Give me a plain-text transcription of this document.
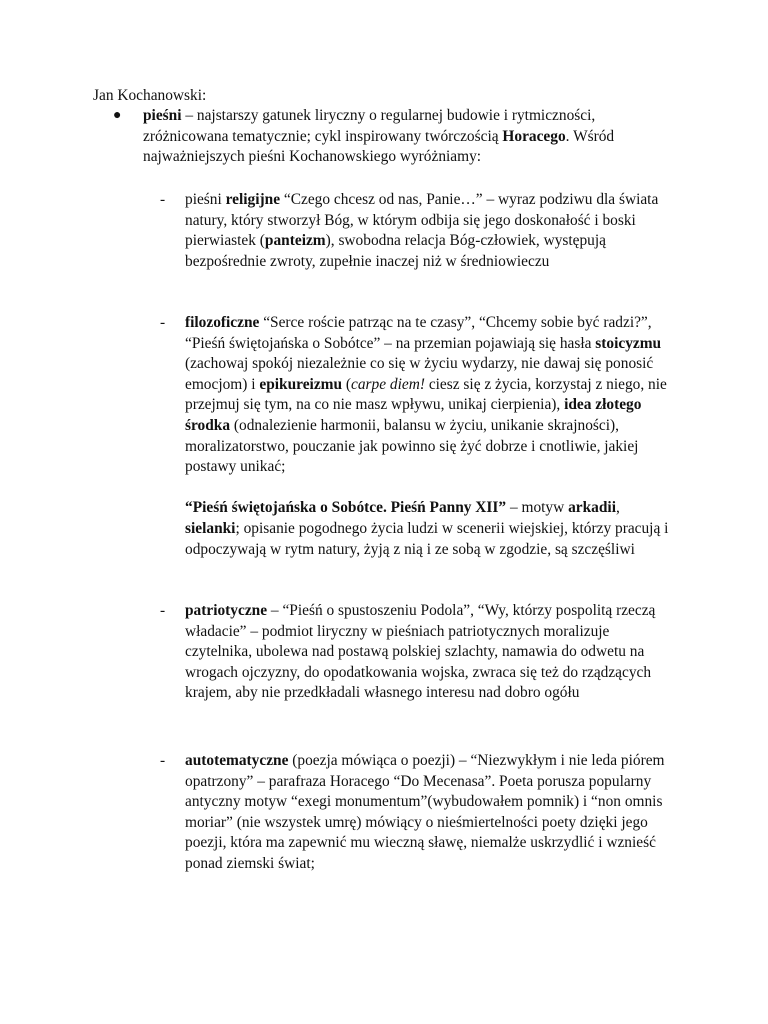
Jan Kochanowski:
●	pieśni – najstarszy gatunek liryczny o regularnej budowie i rytmiczności, zróżnicowana tematycznie; cykl inspirowany twórczością Horacego. Wśród najważniejszych pieśni Kochanowskiego wyróżniamy:
-	pieśni religijne “Czego chcesz od nas, Panie…” – wyraz podziwu dla świata natury, który stworzył Bóg, w którym odbija się jego doskonałość i boski pierwiastek (panteizm), swobodna relacja Bóg-człowiek, występują bezpośrednie zwroty, zupełnie inaczej niż w średniowieczu
-	filozoficzne “Serce roście patrząc na te czasy”, “Chcemy sobie być radzi?”, “Pieśń świętojańska o Sobótce” – na przemian pojawiają się hasła stoicyzmu (zachowaj spokój niezależnie co się w życiu wydarzy, nie dawaj się ponosić emocjom) i epikureizmu (carpe diem! ciesz się z życia, korzystaj z niego, nie przejmuj się tym, na co nie masz wpływu, unikaj cierpienia), idea złotego środka (odnalezienie harmonii, balansu w życiu, unikanie skrajności), moralizatorstwo, pouczanie jak powinno się żyć dobrze i cnotliwie, jakiej postawy unikać;

“Pieśń świętojańska o Sobótce. Pieśń Panny XII” – motyw arkadii, sielanki; opisanie pogodnego życia ludzi w scenerii wiejskiej, którzy pracują i odpoczywają w rytm natury, żyją z nią i ze sobą w zgodzie, są szczęśliwi

-	patriotyczne – “Pieśń o spustoszeniu Podola”, “Wy, którzy pospolitą rzeczą władacie” – podmiot liryczny w pieśniach patriotycznych moralizuje czytelnika, ubolewa nad postawą polskiej szlachty, namawia do odwetu na wrogach ojczyzny, do opodatkowania wojska, zwraca się też do rządzących krajem, aby nie przedkładali własnego interesu nad dobro ogółu
-	autotematyczne (poezja mówiąca o poezji) – “Niezwykłym i nie leda piórem opatrzony” – parafraza Horacego “Do Mecenasa”. Poeta porusza popularny antyczny motyw “exegi monumentum”(wybudowałem pomnik) i “non omnis moriar” (nie wszystek umrę) mówiący o nieśmiertelności poety dzięki jego poezji, która ma zapewnić mu wieczną sławę, niemalże uskrzydlić i wznieść ponad ziemski świat;
